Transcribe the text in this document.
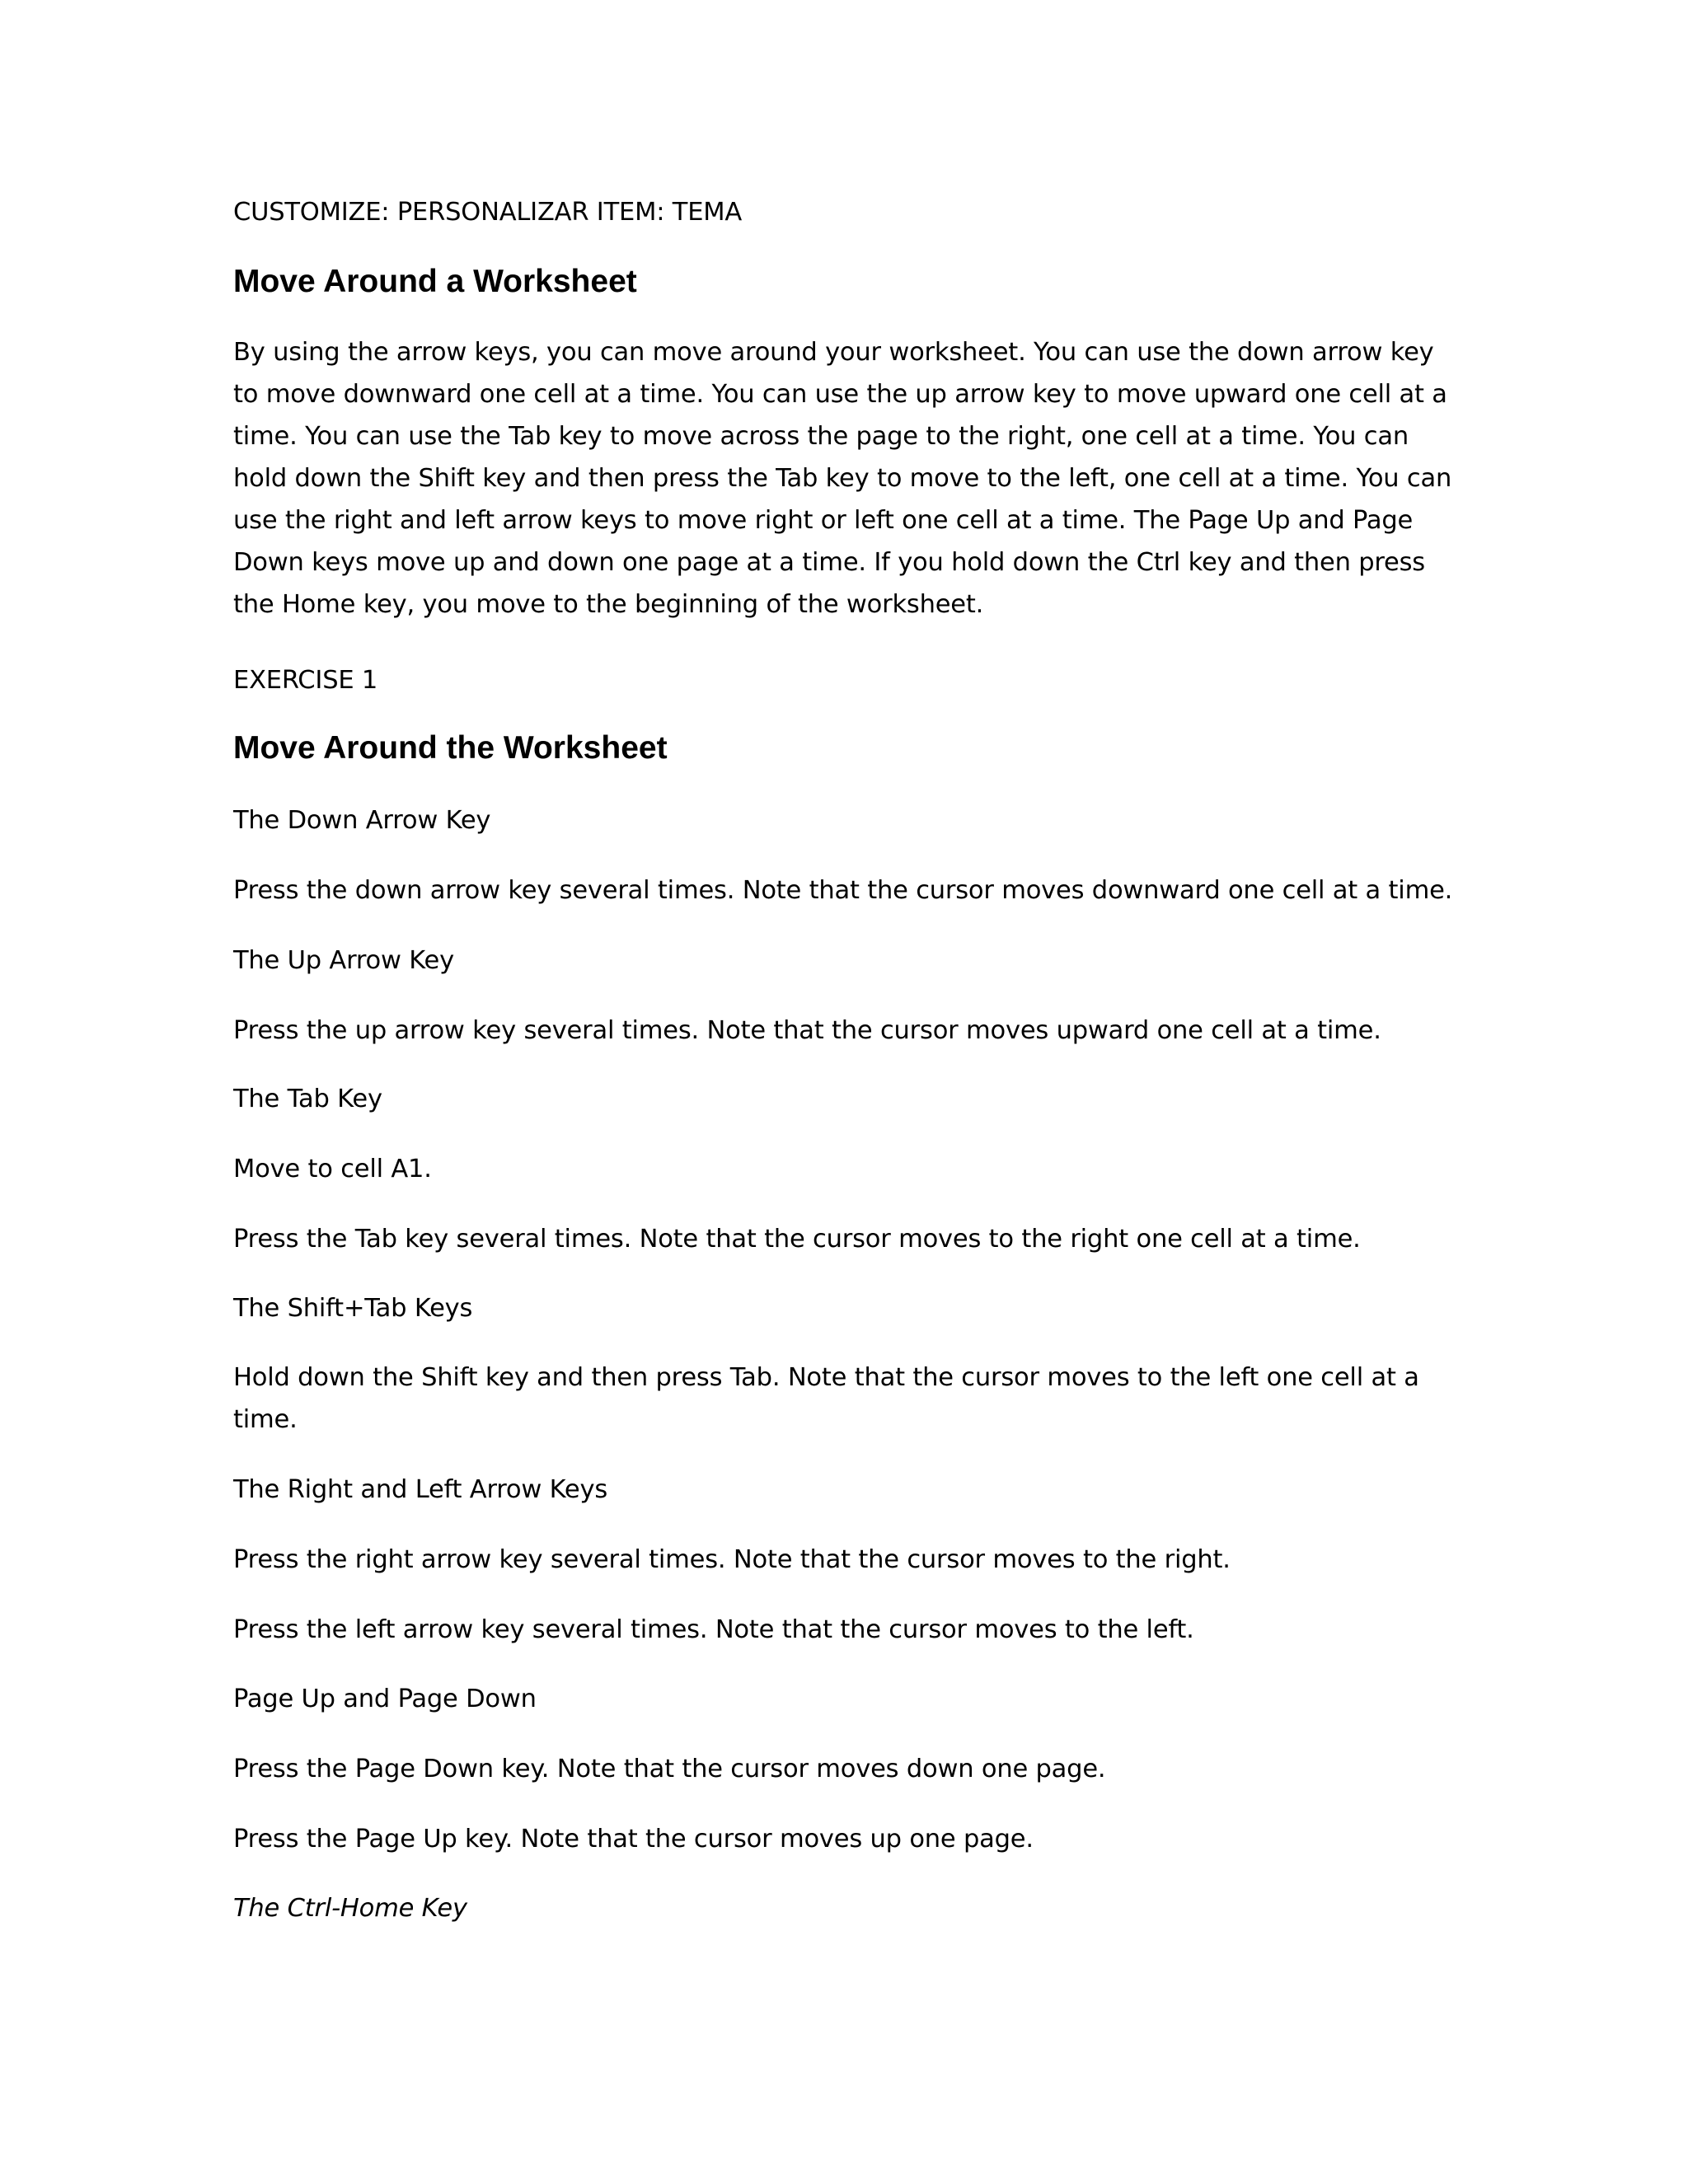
CUSTOMIZE: PERSONALIZAR ITEM: TEMA
Move Around a Worksheet
By using the arrow keys, you can move around your worksheet. You can use the down arrow key
to move downward one cell at a time. You can use the up arrow key to move upward one cell at a
time. You can use the Tab key to move across the page to the right, one cell at a time. You can
hold down the Shift key and then press the Tab key to move to the left, one cell at a time. You can
use the right and left arrow keys to move right or left one cell at a time. The Page Up and Page
Down keys move up and down one page at a time. If you hold down the Ctrl key and then press
the Home key, you move to the beginning of the worksheet.
EXERCISE 1
Move Around the Worksheet
The Down Arrow Key
Press the down arrow key several times. Note that the cursor moves downward one cell at a time.
The Up Arrow Key
Press the up arrow key several times. Note that the cursor moves upward one cell at a time.
The Tab Key
Move to cell A1.
Press the Tab key several times. Note that the cursor moves to the right one cell at a time.
The Shift+Tab Keys
Hold down the Shift key and then press Tab. Note that the cursor moves to the left one cell at a
time.
The Right and Left Arrow Keys
Press the right arrow key several times. Note that the cursor moves to the right.
Press the left arrow key several times. Note that the cursor moves to the left.
Page Up and Page Down
Press the Page Down key. Note that the cursor moves down one page.
Press the Page Up key. Note that the cursor moves up one page.
The Ctrl-Home Key
